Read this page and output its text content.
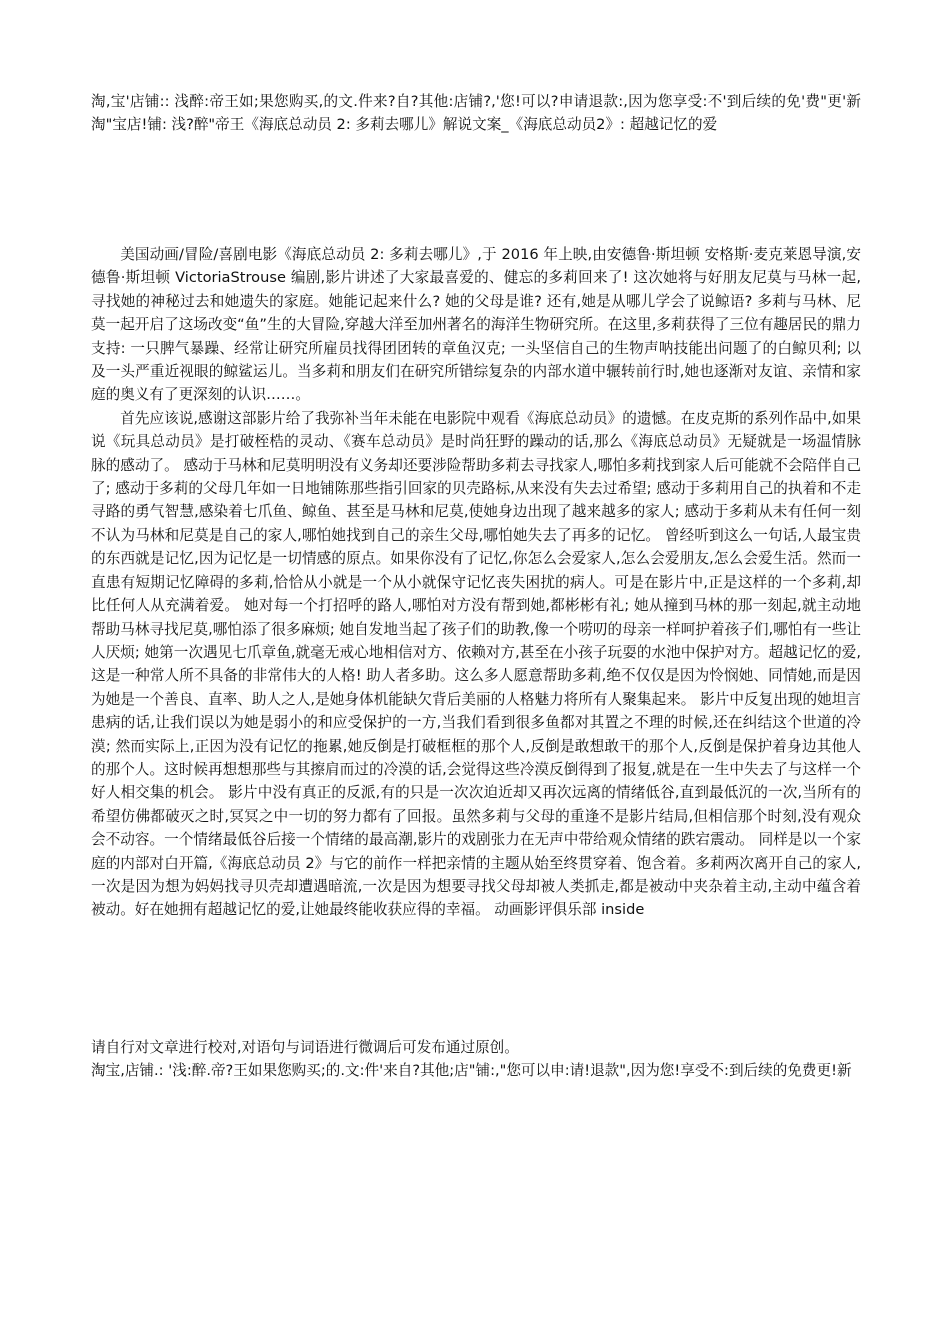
淘,宝'店铺:: 浅醉:帝王如;果您购买,的文.件来?自?其他:店铺?,'您!可以?申请退款:,因为您享受:不'到后续的免'费"更'新淘"宝店!铺: 浅?醉"帝王《海底总动员 2: 多莉去哪儿》解说文案_《海底总动员2》: 超越记忆的爱

美国动画/冒险/喜剧电影《海底总动员 2: 多莉去哪儿》,于 2016 年上映,由安德鲁·斯坦顿 安格斯·麦克莱恩导演,安德鲁·斯坦顿 VictoriaStrouse 编剧,影片讲述了大家最喜爱的、健忘的多莉回来了! 这次她将与好朋友尼莫与马林一起,寻找她的神秘过去和她遗失的家庭。她能记起来什么? 她的父母是谁? 还有,她是从哪儿学会了说鲸语? 多莉与马林、尼莫一起开启了这场改变“鱼”生的大冒险,穿越大洋至加州著名的海洋生物研究所。在这里,多莉获得了三位有趣居民的鼎力支持: 一只脾气暴躁、经常让研究所雇员找得团团转的章鱼汉克; 一头坚信自己的生物声呐技能出问题了的白鲸贝利; 以及一头严重近视眼的鲸鲨运儿。当多莉和朋友们在研究所错综复杂的内部水道中辗转前行时,她也逐渐对友谊、亲情和家庭的奥义有了更深刻的认识……。

首先应该说,感谢这部影片给了我弥补当年未能在电影院中观看《海底总动员》的遗憾。在皮克斯的系列作品中,如果说《玩具总动员》是打破桎梏的灵动、《赛车总动员》是时尚狂野的躁动的话,那么《海底总动员》无疑就是一场温情脉脉的感动了。 感动于马林和尼莫明明没有义务却还要涉险帮助多莉去寻找家人,哪怕多莉找到家人后可能就不会陪伴自己了; 感动于多莉的父母几年如一日地铺陈那些指引回家的贝壳路标,从来没有失去过希望; 感动于多莉用自己的执着和不走寻路的勇气智慧,感染着七爪鱼、鲸鱼、甚至是马林和尼莫,使她身边出现了越来越多的家人; 感动于多莉从未有任何一刻不认为马林和尼莫是自己的家人,哪怕她找到自己的亲生父母,哪怕她失去了再多的记忆。 曾经听到这么一句话,人最宝贵的东西就是记忆,因为记忆是一切情感的原点。如果你没有了记忆,你怎么会爱家人,怎么会爱朋友,怎么会爱生活。然而一直患有短期记忆障碍的多莉,恰恰从小就是一个从小就保守记忆丧失困扰的病人。可是在影片中,正是这样的一个多莉,却比任何人从充满着爱。 她对每一个打招呼的路人,哪怕对方没有帮到她,都彬彬有礼; 她从撞到马林的那一刻起,就主动地帮助马林寻找尼莫,哪怕添了很多麻烦; 她自发地当起了孩子们的助教,像一个唠叨的母亲一样呵护着孩子们,哪怕有一些让人厌烦; 她第一次遇见七爪章鱼,就毫无戒心地相信对方、依赖对方,甚至在小孩子玩耍的水池中保护对方。超越记忆的爱,这是一种常人所不具备的非常伟大的人格! 助人者多助。这么多人愿意帮助多莉,绝不仅仅是因为怜悯她、同情她,而是因为她是一个善良、直率、助人之人,是她身体机能缺欠背后美丽的人格魅力将所有人聚集起来。 影片中反复出现的她坦言患病的话,让我们误以为她是弱小的和应受保护的一方,当我们看到很多鱼都对其置之不理的时候,还在纠结这个世道的冷漠; 然而实际上,正因为没有记忆的拖累,她反倒是打破框框的那个人,反倒是敢想敢干的那个人,反倒是保护着身边其他人的那个人。这时候再想想那些与其擦肩而过的冷漠的话,会觉得这些冷漠反倒得到了报复,就是在一生中失去了与这样一个好人相交集的机会。 影片中没有真正的反派,有的只是一次次迫近却又再次远离的情绪低谷,直到最低沉的一次,当所有的希望仿佛都破灭之时,冥冥之中一切的努力都有了回报。虽然多莉与父母的重逢不是影片结局,但相信那个时刻,没有观众会不动容。一个情绪最低谷后接一个情绪的最高潮,影片的戏剧张力在无声中带给观众情绪的跌宕震动。 同样是以一个家庭的内部对白开篇,《海底总动员 2》与它的前作一样把亲情的主题从始至终贯穿着、饱含着。多莉两次离开自己的家人,一次是因为想为妈妈找寻贝壳却遭遇暗流,一次是因为想要寻找父母却被人类抓走,都是被动中夹杂着主动,主动中蕴含着被动。好在她拥有超越记忆的爱,让她最终能收获应得的幸福。 动画影评俱乐部 inside

请自行对文章进行校对,对语句与词语进行微调后可发布通过原创。

淘宝,店铺.: '浅:醉.帝?王如果您购买;的.文:件'来自?其他;店"铺:,"您可以申:请!退款",因为您!享受不:到后续的免费更!新
